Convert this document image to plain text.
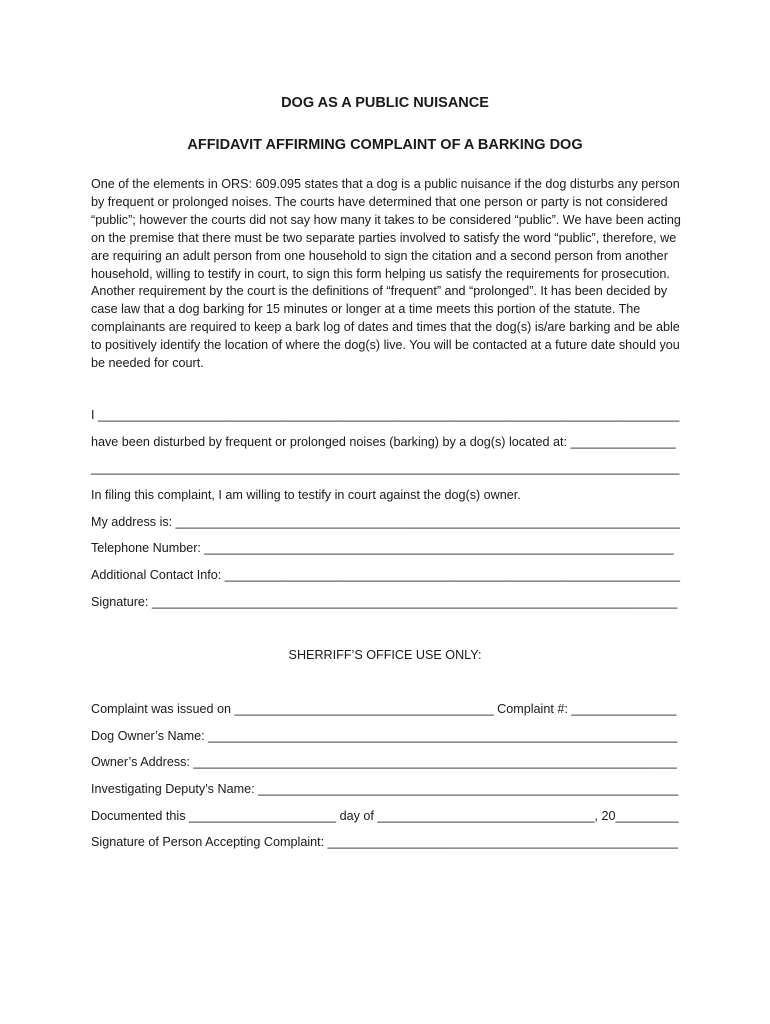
DOG AS A PUBLIC NUISANCE
AFFIDAVIT AFFIRMING COMPLAINT OF A BARKING DOG

One of the elements in ORS: 609.095 states that a dog is a public nuisance if the dog disturbs any person by frequent or prolonged noises. The courts have determined that one person or party is not considered “public”; however the courts did not say how many it takes to be considered “public”. We have been acting on the premise that there must be two separate parties involved to satisfy the word “public”, therefore, we are requiring an adult person from one household to sign the citation and a second person from another household, willing to testify in court, to sign this form helping us satisfy the requirements for prosecution. Another requirement by the court is the definitions of “frequent” and “prolonged”. It has been decided by case law that a dog barking for 15 minutes or longer at a time meets this portion of the statute. The complainants are required to keep a bark log of dates and times that the dog(s) is/are barking and be able to positively identify the location of where the dog(s) live. You will be contacted at a future date should you be needed for court.

I ___________________________________________________________________________________

have been disturbed by frequent or prolonged noises (barking) by a dog(s) located at: _______________

____________________________________________________________________________________

In filing this complaint, I am willing to testify in court against the dog(s) owner.

My address is: ________________________________________________________________________

Telephone Number: ___________________________________________________________________

Additional Contact Info: _________________________________________________________________

Signature: ___________________________________________________________________________

SHERRIFF’S OFFICE USE ONLY:

Complaint was issued on _____________________________________ Complaint #: _______________

Dog Owner’s Name: ___________________________________________________________________

Owner’s Address: _____________________________________________________________________

Investigating Deputy’s Name: ____________________________________________________________

Documented this _____________________ day of _______________________________, 20_________

Signature of Person Accepting Complaint: __________________________________________________
